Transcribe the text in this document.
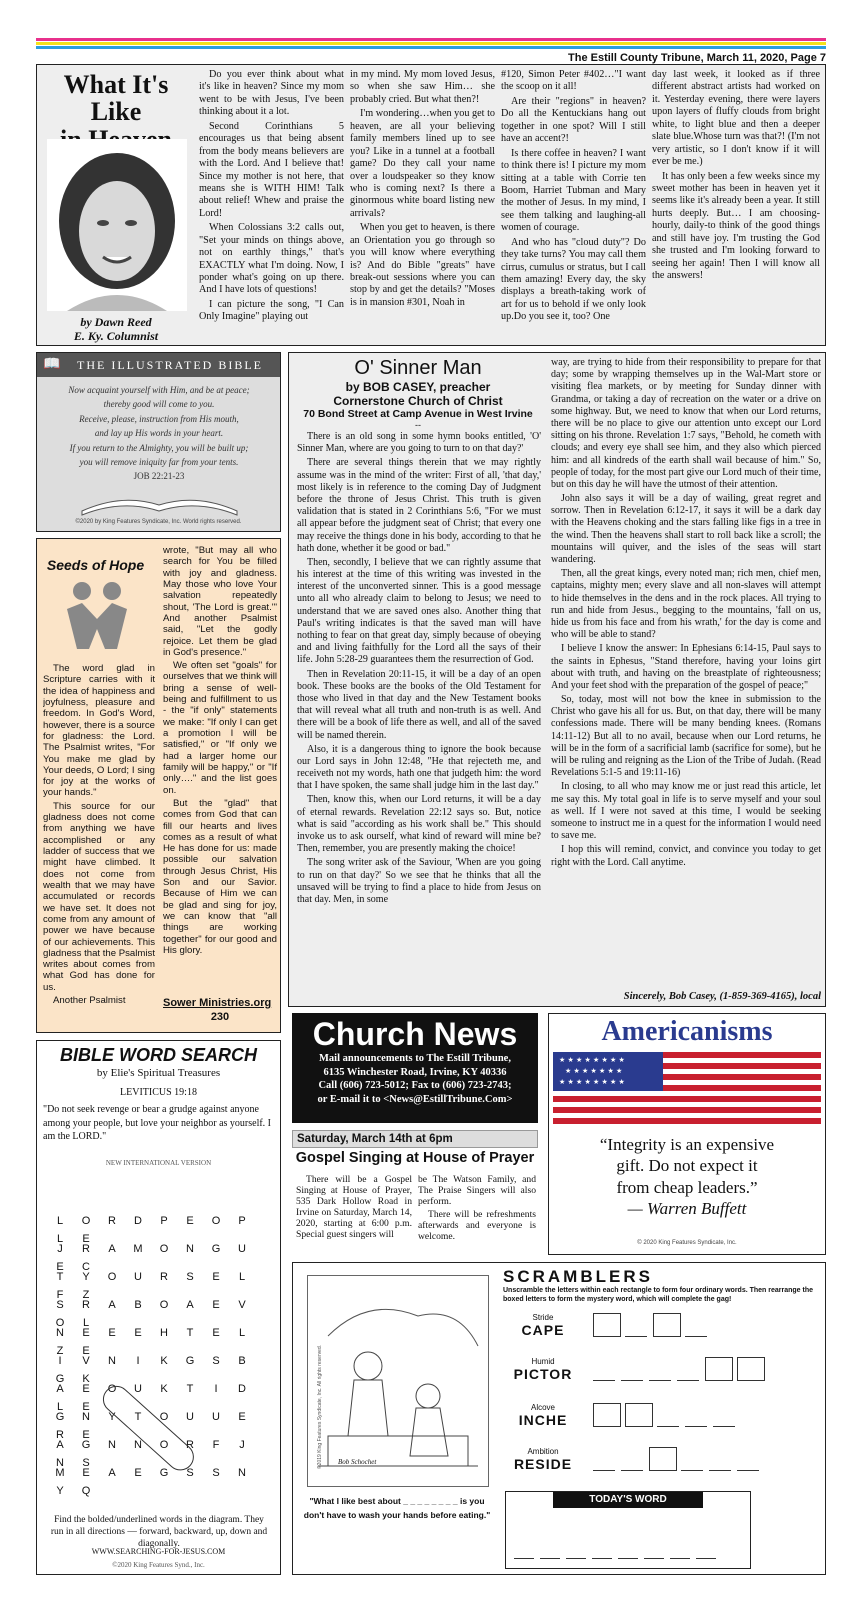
The Estill County Tribune, March 11, 2020, Page 7
What It's Like
by Dawn Reed
E. Ky. Columnist

Do you ever think about what it's like in heaven? Since my mom went to be with Jesus, I've been thinking about it a lot.

Second Corinthians 5 encourages us that being absent from the body means believers are with the Lord. And I believe that! Since my mother is not here, that means she is WITH HIM! Talk about relief! Whew and praise the Lord!

When Colossians 3:2 calls out, "Set your minds on things above, not on earthly things," that's EXACTLY what I'm doing. Now, I ponder what's going on up there. And I have lots of questions!

I can picture the song, "I Can Only Imagine" playing out

in my mind. My mom loved Jesus, so when she saw Him… she probably cried. But what then?!

I'm wondering…when you get to heaven, are all your believing family members lined up to see you? Like in a tunnel at a football game? Do they call your name over a loudspeaker so they know who is coming next? Is there a ginormous white board listing new arrivals?

When you get to heaven, is there an Orientation you go through so you will know where everything is? And do Bible "greats" have break-out sessions where you can stop by and get the details? "Moses is in mansion #301, Noah in

#120, Simon Peter #402…"I want the scoop on it all!

Are their "regions" in heaven? Do all the Kentuckians hang out together in one spot? Will I still have an accent?!

Is there coffee in heaven? I want to think there is! I picture my mom sitting at a table with Corrie ten Boom, Harriet Tubman and Mary the mother of Jesus. In my mind, I see them talking and laughing-all women of courage.

And who has "cloud duty"? Do they take turns? You may call them cirrus, cumulus or stratus, but I call them amazing! Every day, the sky displays a breath-taking work of art for us to behold if we only look up.Do you see it, too? One

day last week, it looked as if three different abstract artists had worked on it. Yesterday evening, there were layers upon layers of fluffy clouds from bright white, to light blue and then a deeper slate blue.Whose turn was that?! (I'm not very artistic, so I don't know if it will ever be me.)

It has only been a few weeks since my sweet mother has been in heaven yet it seems like it's already been a year. It still hurts deeply. But… I am choosing-hourly, daily-to think of the good things and still have joy. I'm trusting the God she trusted and I'm looking forward to seeing her again! Then I will know all the answers!

📖 THE ILLUSTRATED BIBLE
Now acquaint yourself with Him, and be at peace;
thereby good will come to you.
Receive, please, instruction from His mouth,
and lay up His words in your heart.
If you return to the Almighty, you will be built up;
you will remove iniquity far from your tents.
JOB 22:21-23
©2020 by King Features Syndicate, Inc. World rights reserved.
Seeds of Hope

The word glad in Scripture carries with it the idea of happiness and joyfulness, pleasure and freedom. In God's Word, however, there is a source for gladness: the Lord. The Psalmist writes, "For You make me glad by Your deeds, O Lord; I sing for joy at the works of your hands."

This source for our gladness does not come from anything we have accomplished or any ladder of success that we might have climbed. It does not come from wealth that we may have accumulated or records we have set. It does not come from any amount of power we have because of our achievements. This gladness that the Psalmist writes about comes from what God has done for us.

Another Psalmist

wrote, "But may all who search for You be filled with joy and gladness. May those who love Your salvation repeatedly shout, 'The Lord is great.'" And another Psalmist said, "Let the godly rejoice. Let them be glad in God's presence."

We often set "goals" for ourselves that we think will bring a sense of well-being and fulfillment to us - the "if only" statements we make: "If only I can get a promotion I will be satisfied," or "If only we had a larger home our family will be happy," or "If only…." and the list goes on.

But the "glad" that comes from God that can fill our hearts and lives comes as a result of what He has done for us: made possible our salvation through Jesus Christ, His Son and our Savior. Because of Him we can be glad and sing for joy, we can know that "all things are working together" for our good and His glory.

Sower Ministries.org
230
O' Sinner Man
by BOB CASEY, preacher
Cornerstone Church of Christ
70 Bond Street at Camp Avenue in West Irvine
--

There is an old song in some hymn books entitled, 'O' Sinner Man, where are you going to turn to on that day?'

There are several things therein that we may rightly assume was in the mind of the writer: First of all, 'that day,' most likely is in reference to the coming Day of Judgment before the throne of Jesus Christ. This truth is given validation that is stated in 2 Corinthians 5:6, "For we must all appear before the judgment seat of Christ; that every one may receive the things done in his body, according to that he hath done, whether it be good or bad."

Then, secondly, I believe that we can rightly assume that his interest at the time of this writing was invested in the interest of the unconverted sinner. This is a good message unto all who already claim to belong to Jesus; we need to understand that we are saved ones also. Another thing that Paul's writing indicates is that the saved man will have nothing to fear on that great day, simply because of obeying and and living faithfully for the Lord all the says of their life. John 5:28-29 guarantees them the resurrection of God.

Then in Revelation 20:11-15, it will be a day of an open book. These books are the books of the Old Testament for those who lived in that day and the New Testament books that will reveal what all truth and non-truth is as well. And there will be a book of life there as well, and all of the saved will be named therein.

Also, it is a dangerous thing to ignore the book because our Lord says in John 12:48, "He that rejecteth me, and receiveth not my words, hath one that judgeth him: the word that I have spoken, the same shall judge him in the last day."

Then, know this, when our Lord returns, it will be a day of eternal rewards. Revelation 22:12 says so. But, notice what is said "according as his work shall be." This should invoke us to ask ourself, what kind of reward will mine be? Then, remember, you are presently making the choice!

The song writer ask of the Saviour, 'When are you going to run on that day?' So we see that he thinks that all the unsaved will be trying to find a place to hide from Jesus on that day. Men, in some

way, are trying to hide from their responsibility to prepare for that day; some by wrapping themselves up in the Wal-Mart store or visiting flea markets, or by meeting for Sunday dinner with Grandma, or taking a day of recreation on the water or a drive on some highway. But, we need to know that when our Lord returns, there will be no place to give our attention unto except our Lord sitting on his throne. Revelation 1:7 says, "Behold, he cometh with clouds; and every eye shall see him, and they also which pierced him: and all kindreds of the earth shall wail because of him." So, people of today, for the most part give our Lord much of their time, but on this day he will have the utmost of their attention.

John also says it will be a day of wailing, great regret and sorrow. Then in Revelation 6:12-17, it says it will be a dark day with the Heavens choking and the stars falling like figs in a tree in the wind. Then the heavens shall start to roll back like a scroll; the mountains will quiver, and the isles of the seas will start wandering.

Then, all the great kings, every noted man; rich men, chief men, captains, mighty men; every slave and all non-slaves will attempt to hide themselves in the dens and in the rock places. All trying to run and hide from Jesus., begging to the mountains, 'fall on us, hide us from his face and from his wrath,' for the day is come and who will be able to stand?

I believe I know the answer: In Ephesians 6:14-15, Paul says to the saints in Ephesus, "Stand therefore, having your loins girt about with truth, and having on the breastplate of righteousness; And your feet shod with the preparation of the gospel of peace;"

So, today, most will not bow the knee in submission to the Christ who gave his all for us. But, on that day, there will be many confessions made. There will be many bending knees. (Romans 14:11-12) But all to no avail, because when our Lord returns, he will be in the form of a sacrificial lamb (sacrifice for some), but he will be ruling and reigning as the Lion of the Tribe of Judah. (Read Revelations 5:1-5 and 19:11-16)

In closing, to all who may know me or just read this article, let me say this. My total goal in life is to serve myself and your soul as well. If I were not saved at this time, I would be seeking someone to instruct me in a quest for the information I would need to save me.

I hop this will remind, convict, and convince you today to get right with the Lord. Call anytime.

Sincerely, Bob Casey, (1-859-369-4165), local
Church News
Mail announcements to The Estill Tribune,
6135 Winchester Road, Irvine, KY 40336
Call (606) 723-5012; Fax to (606) 723-2743;
or E-mail it to <News@EstillTribune.Com>
Saturday, March 14th at 6pm
Gospel Singing at House of Prayer

There will be a Gospel Singing at House of Prayer, 535 Dark Hollow Road in Irvine on Saturday, March 14, 2020, starting at 6:00 p.m. Special guest singers will

be The Watson Family, and The Praise Singers will also perform.

There will be refreshments afterwards and everyone is welcome.

Americanisms
★ ★ ★ ★ ★ ★ ★ ★
★ ★ ★ ★ ★ ★ ★
★ ★ ★ ★ ★ ★ ★ ★
“Integrity is an expensive
gift. Do not expect it
from cheap leaders.”
— Warren Buffett
© 2020 King Features Syndicate, Inc.
BIBLE WORD SEARCH
by Elie's Spiritual Treasures
LEVITICUS 19:18
"Do not seek revenge or bear a grudge against anyone among your people, but love your neighbor as yourself. I am the LORD."
NEW INTERNATIONAL VERSION
L O R D P E O PL E
J R A M O N G UE C
T Y O U R S E LF Z
S R A B O A E VO L
N E E E H T E LZ E
I V N I K G S BG K
A E O U K T I DL E
G N Y T O U U ER E
A G N N O R F JN S
M E A E G S S NY Q
Find the bolded/underlined words in the diagram. They run in all directions — forward, backward, up, down and diagonally.
WWW.SEARCHING-FOR-JESUS.COM
©2020 King Features Synd., Inc.
©2019 King Features Syndicate, Inc. All rights reserved. Bob Schochet
"What I like best about _ _ _ _ _ _ _ _ is you don't have to wash your hands before eating."
SCRAMBLERS
Unscramble the letters within each rectangle to form four ordinary words. Then rearrange the boxed letters to form the mystery word, which will complete the gag!
Stride
CAPE
Humid
PICTOR
Alcove
INCHE
Ambition
RESIDE
TODAY'S WORD
